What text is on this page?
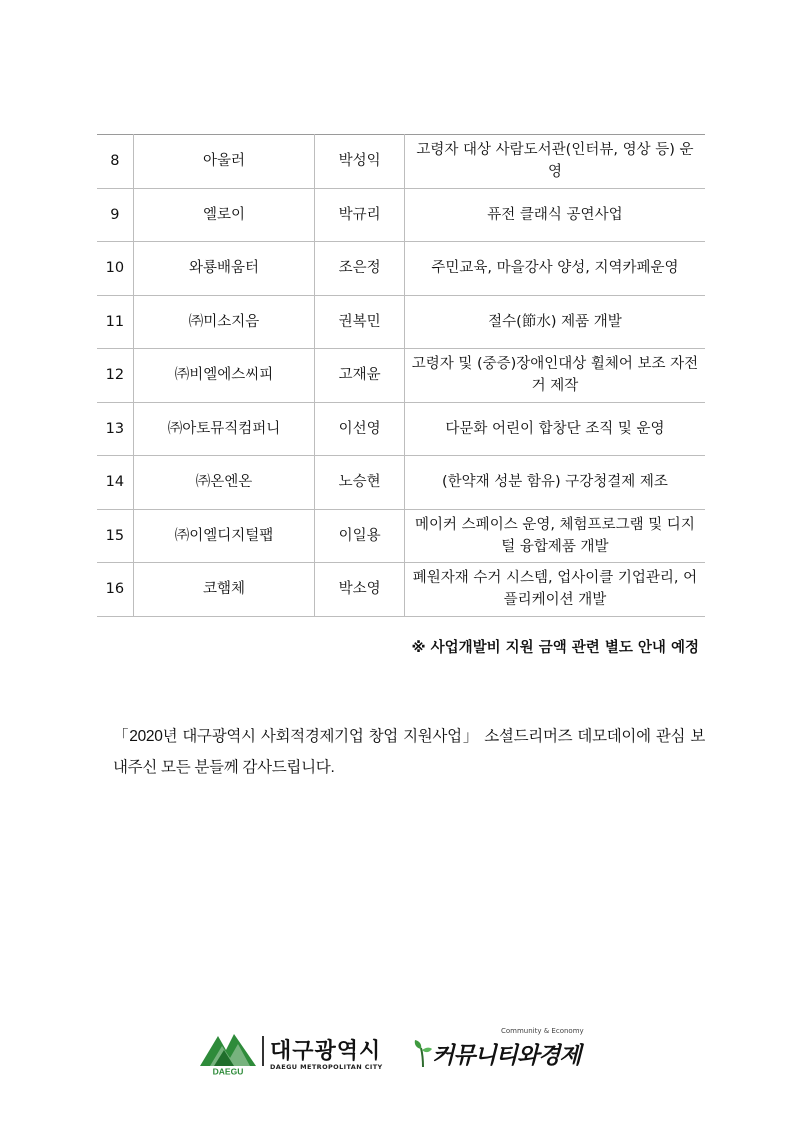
8	아울러	박성익	고령자 대상 사람도서관(인터뷰, 영상 등) 운영
9	엘로이	박규리	퓨전 클래식 공연사업
10	와룡배움터	조은정	주민교육, 마을강사 양성, 지역카페운영
11	㈜미소지음	권복민	절수(節水) 제품 개발
12	㈜비엘에스씨피	고재윤	고령자 및 (중증)장애인대상 휠체어 보조 자전거 제작
13	㈜아토뮤직컴퍼니	이선영	다문화 어린이 합창단 조직 및 운영
14	㈜온엔온	노승현	(한약재 성분 함유) 구강청결제 제조
15	㈜이엘디지털팹	이일용	메이커 스페이스 운영, 체험프로그램 및 디지털 융합제품 개발
16	코햄체	박소영	폐원자재 수거 시스템, 업사이클 기업관리, 어플리케이션 개발
※ 사업개발비 지원 금액 관련 별도 안내 예정
「2020년 대구광역시 사회적경제기업 창업 지원사업」 소셜드리머즈 데모데이에 관심 보내주신 모든 분들께 감사드립니다.
DAEGU
대구광역시
DAEGU METROPOLITAN CITY
Community & Economy
커뮤니티와경제
